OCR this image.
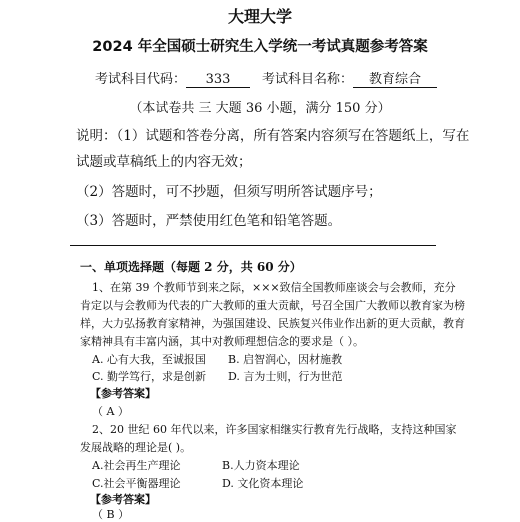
大理大学
2024 年全国硕士研究生入学统一考试真题参考答案
考试科目代码： 333	考试科目名称： 教育综合
（本试卷共 三 大题 36 小题，满分 150 分）
说明：（1）试题和答卷分离，所有答案内容须写在答题纸上，写在
试题或草稿纸上的内容无效；
（2）答题时，可不抄题，但须写明所答试题序号；
（3）答题时，严禁使用红色笔和铅笔答题。
一、单项选择题（每题 2 分，共 60 分）
1、在第 39 个教师节到来之际，×××致信全国教师座谈会与会教师，充分
肯定以与会教师为代表的广大教师的重大贡献，号召全国广大教师以教育家为榜
样，大力弘扬教育家精神，为强国建设、民族复兴伟业作出新的更大贡献，教育
家精神具有丰富内涵，其中对教师理想信念的要求是（ ）。
A. 心有大我，至诚报国 B. 启智润心，因材施教
C. 勤学笃行，求是创新 D. 言为士则，行为世范
【参考答案】
（ A ）
2、20 世纪 60 年代以来，许多国家相继实行教育先行战略，支持这种国家
发展战略的理论是( )。
A.社会再生产理论	B.人力资本理论
C.社会平衡器理论	D. 文化资本理论
【参考答案】
（ B ）
